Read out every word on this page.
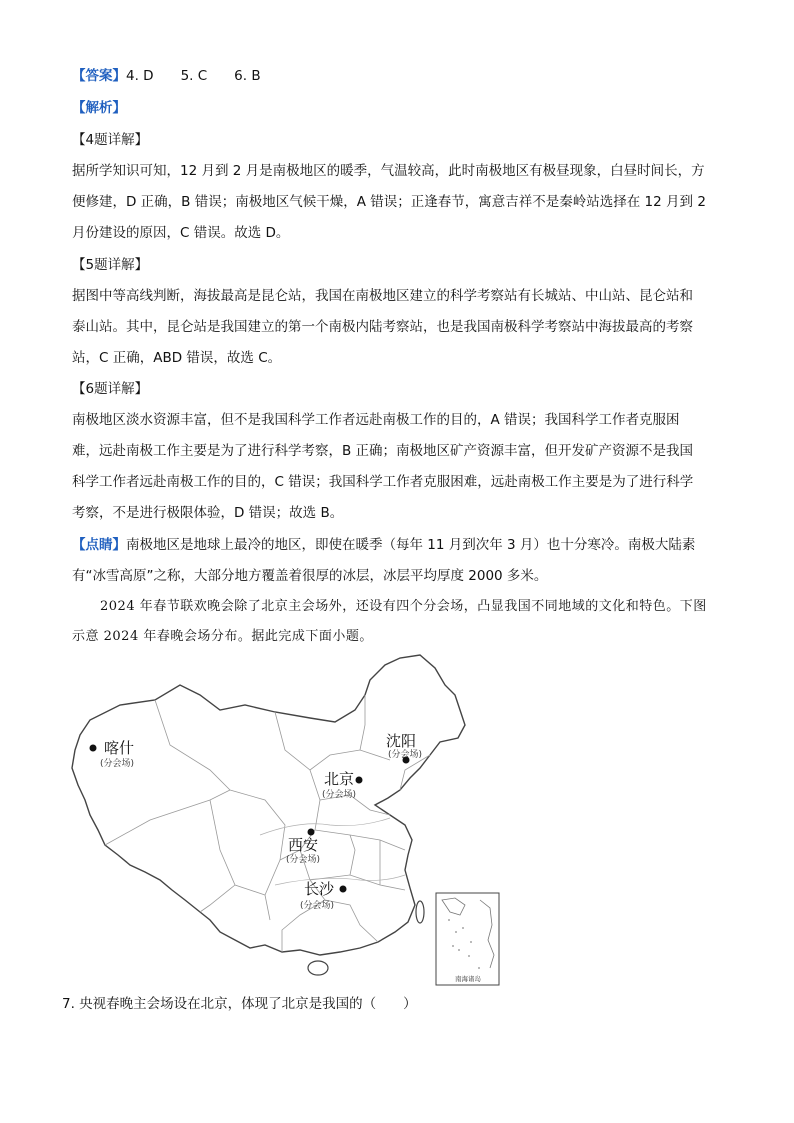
【答案】4. D　　5. C　　6. B
【解析】
【4题详解】
据所学知识可知，12 月到 2 月是南极地区的暖季，气温较高，此时南极地区有极昼现象，白昼时间长，方
便修建，D 正确，B 错误；南极地区气候干燥，A 错误；正逢春节，寓意吉祥不是秦岭站选择在 12 月到 2
月份建设的原因，C 错误。故选 D。
【5题详解】
据图中等高线判断，海拔最高是昆仑站，我国在南极地区建立的科学考察站有长城站、中山站、昆仑站和
泰山站。其中，昆仑站是我国建立的第一个南极内陆考察站，也是我国南极科学考察站中海拔最高的考察
站，C 正确，ABD 错误，故选 C。
【6题详解】
南极地区淡水资源丰富，但不是我国科学工作者远赴南极工作的目的，A 错误；我国科学工作者克服困
难，远赴南极工作主要是为了进行科学考察，B 正确；南极地区矿产资源丰富，但开发矿产资源不是我国
科学工作者远赴南极工作的目的，C 错误；我国科学工作者克服困难，远赴南极工作主要是为了进行科学
考察，不是进行极限体验，D 错误；故选 B。
【点睛】南极地区是地球上最冷的地区，即使在暖季（每年 11 月到次年 3 月）也十分寒冷。南极大陆素
有“冰雪高原”之称，大部分地方覆盖着很厚的冰层，冰层平均厚度 2000 多米。
2024 年春节联欢晚会除了北京主会场外，还设有四个分会场，凸显我国不同地域的文化和特色。下图
示意 2024 年春晚会场分布。据此完成下面小题。
南海诸岛
喀什
(分会场)
沈阳
(分会场)
北京
(分会场)
西安
(分会场)
长沙
(分会场)
7. 央视春晚主会场设在北京，体现了北京是我国的（　　）
